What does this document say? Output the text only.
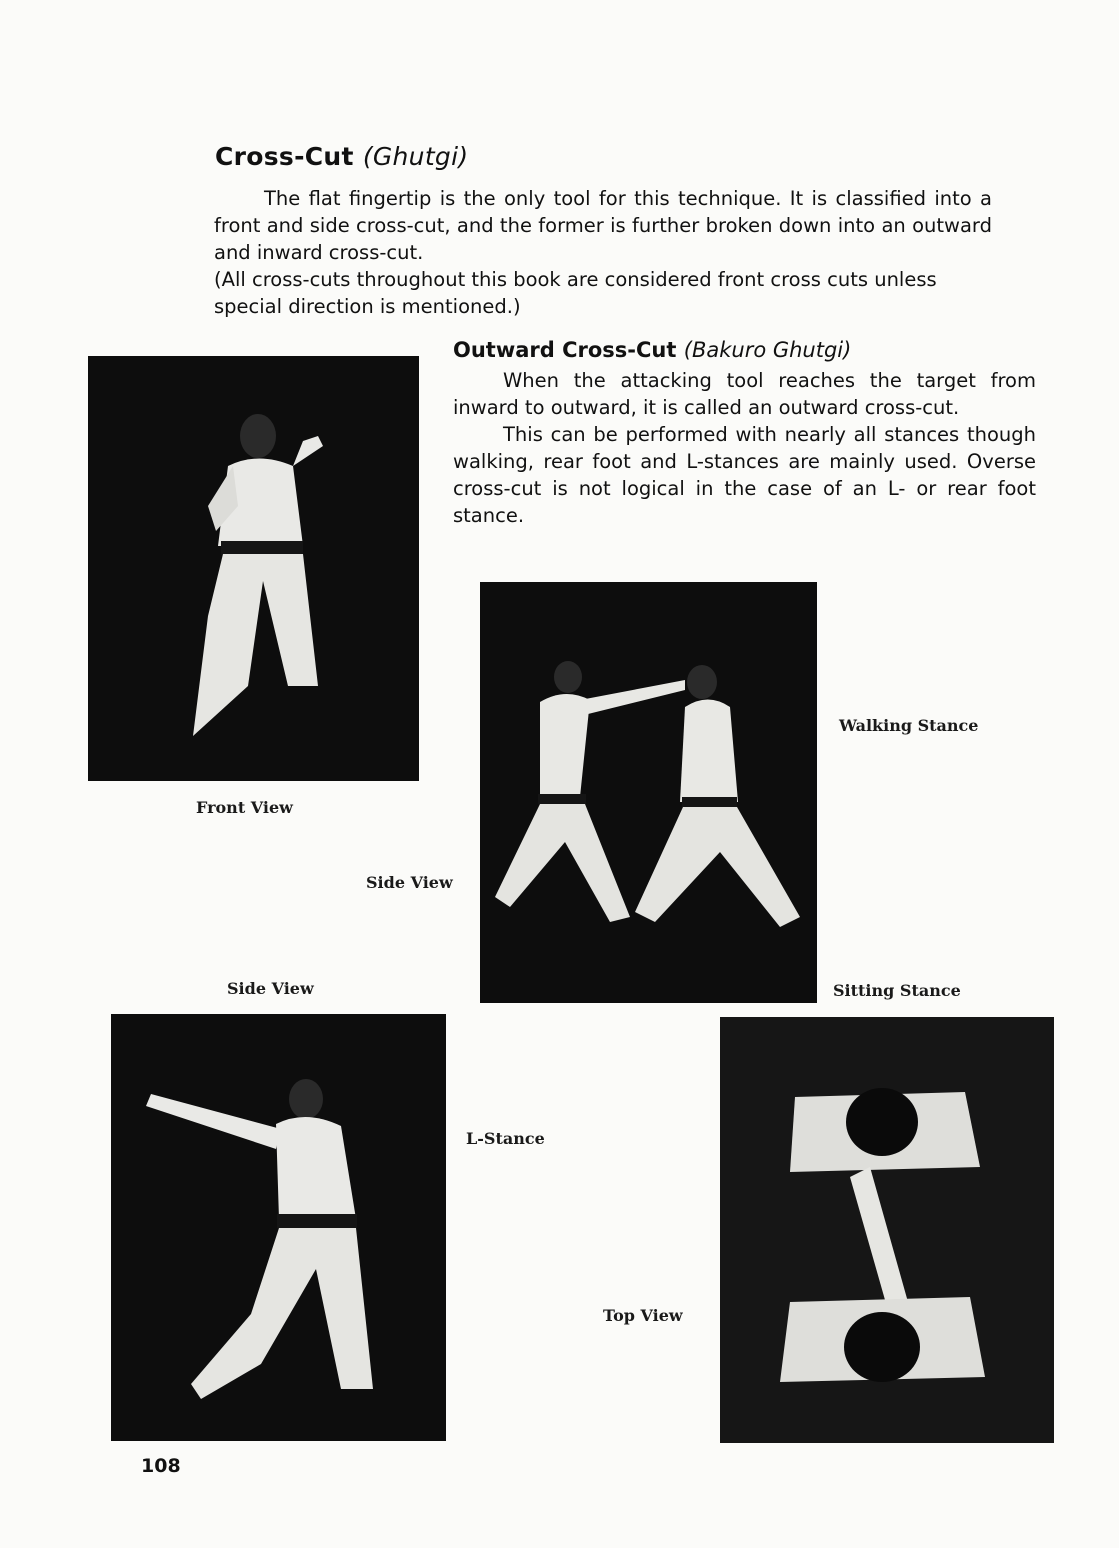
Cross-Cut (Ghutgi)

The flat fingertip is the only tool for this technique. It is classified into a front and side cross-cut, and the former is further broken down into an outward and inward cross-cut.

(All cross-cuts throughout this book are considered front cross cuts unless special direction is mentioned.)

Outward Cross-Cut (Bakuro Ghutgi)

When the attacking tool reaches the target from inward to outward, it is called an outward cross-cut.

This can be performed with nearly all stances though walking, rear foot and L-stances are mainly used. Overse cross-cut is not logical in the case of an L- or rear foot stance.

Front View
Walking Stance
Side View
Side View	Sitting Stance
L-Stance
Top View
108
